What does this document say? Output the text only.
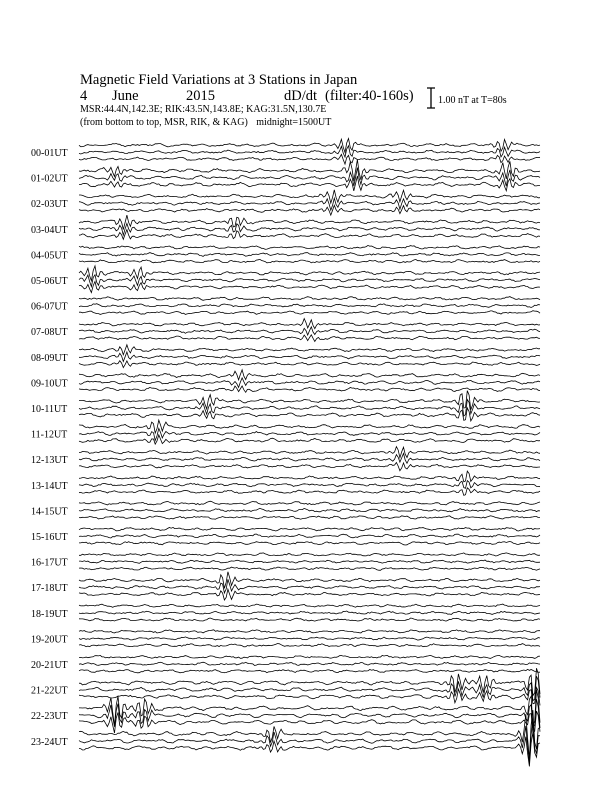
Magnetic Field Variations at 3 Stations in Japan
4 June	2015	dD/dt (filter:40-160s)
MSR:44.4N,142.3E; RIK:43.5N,143.8E; KAG:31.5N,130.7E
(from bottom to top, MSR, RIK, & KAG) midnight=1500UT
1.00 nT at T=80s
00-01UT
01-02UT
02-03UT
03-04UT
04-05UT
05-06UT
06-07UT
07-08UT
08-09UT
09-10UT
10-11UT
11-12UT
12-13UT
13-14UT
14-15UT
15-16UT
16-17UT
17-18UT
18-19UT
19-20UT
20-21UT
21-22UT
22-23UT
23-24UT
